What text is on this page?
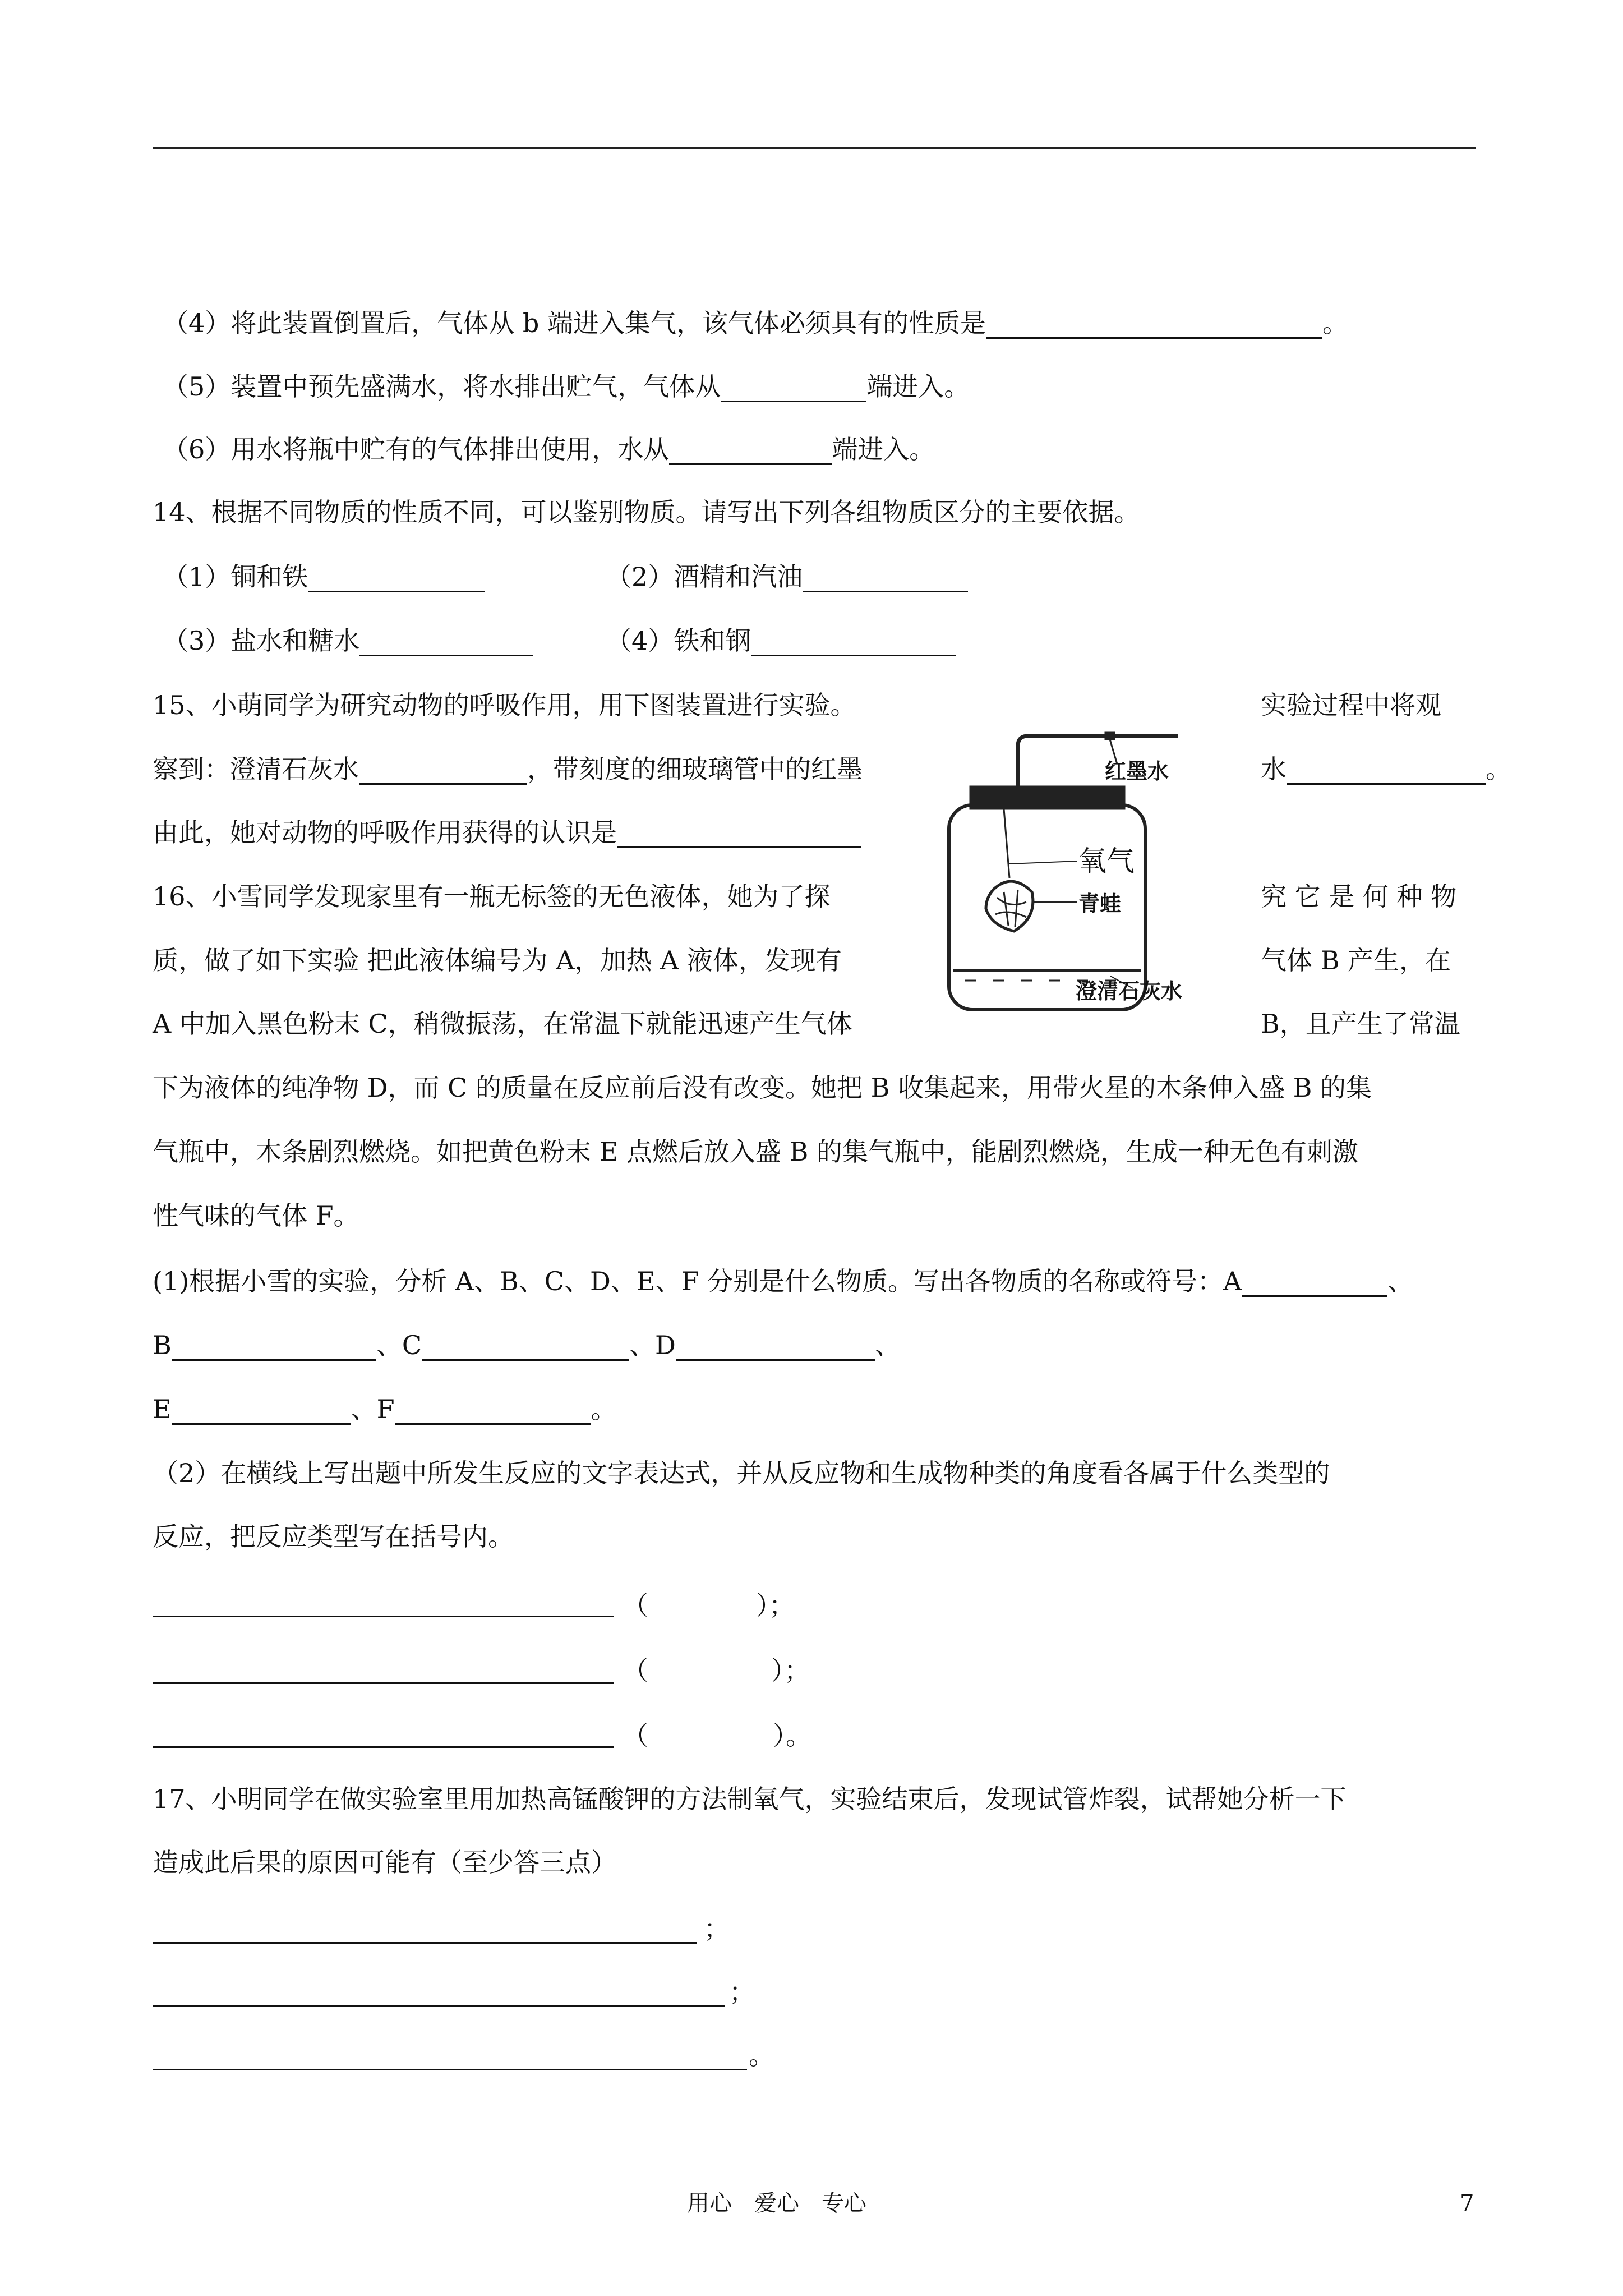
（4）将此装置倒置后，气体从 b 端进入集气，该气体必须具有的性质是	。
（5）装置中预先盛满水，将水排出贮气，气体从	端进入。
（6）用水将瓶中贮有的气体排出使用，水从	端进入。
14、根据不同物质的性质不同，可以鉴别物质。请写出下列各组物质区分的主要依据。
（1）铜和铁	（2）酒精和汽油
（3）盐水和糖水	（4）铁和钢
15、小萌同学为研究动物的呼吸作用，用下图装置进行实验。	实验过程中将观
察到：澄清石灰水	，带刻度的细玻璃管中的红墨	水	。
由此，她对动物的呼吸作用获得的认识是
红墨水
氧气
青蛙
澄清石灰水
16、小雪同学发现家里有一瓶无标签的无色液体，她为了探	究 它 是 何 种 物
质，做了如下实验 把此液体编号为 A，加热 A 液体，发现有	气体 B 产生，在
A 中加入黑色粉末 C，稍微振荡，在常温下就能迅速产生气体	B，且产生了常温
下为液体的纯净物 D，而 C 的质量在反应前后没有改变。她把 B 收集起来，用带火星的木条伸入盛 B 的集
气瓶中，木条剧烈燃烧。如把黄色粉末 E 点燃后放入盛 B 的集气瓶中，能剧烈燃烧，生成一种无色有刺激
性气味的气体 F。
(1)根据小雪的实验，分析 A、B、C、D、E、F 分别是什么物质。写出各物质的名称或符号：A	、
B	、C	、D	、
E	、F	。
（2）在横线上写出题中所发生反应的文字表达式，并从反应物和生成物种类的角度看各属于什么类型的
反应，把反应类型写在括号内。
（	）；
（	）；
（	）。
17、小明同学在做实验室里用加热高锰酸钾的方法制氧气，实验结束后，发现试管炸裂，试帮她分析一下
造成此后果的原因可能有（至少答三点）
；
；
。
用心　爱心　专心	7
